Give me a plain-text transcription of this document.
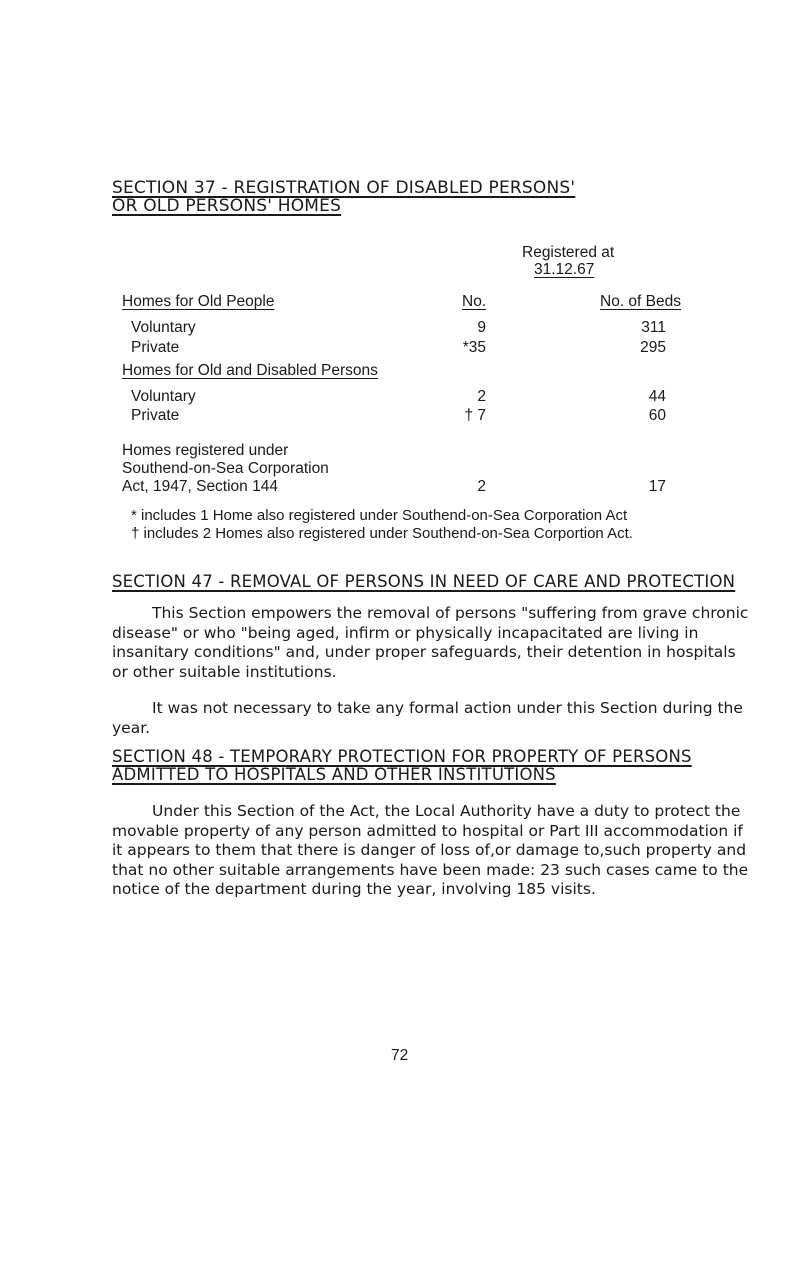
SECTION 37 - REGISTRATION OF DISABLED PERSONS'
OR OLD PERSONS' HOMES
Registered at
31.12.67
Homes for Old People	No.	No. of Beds
Voluntary	9	311
Private	*35	295
Homes for Old and Disabled Persons
Voluntary	2	44
Private	† 7	60
Homes registered under
Southend-on-Sea Corporation
Act, 1947, Section 144	2	17
* includes 1 Home also registered under Southend-on-Sea Corporation Act
† includes 2 Homes also registered under Southend-on-Sea Corportion Act.
SECTION 47 - REMOVAL OF PERSONS IN NEED OF CARE AND PROTECTION
This Section empowers the removal of persons "suffering from grave chronic disease" or who "being aged, infirm or physically incapacitated are living in insanitary conditions" and, under proper safeguards, their detention in hospitals or other suitable institutions.
It was not necessary to take any formal action under this Section during the year.
SECTION 48 - TEMPORARY PROTECTION FOR PROPERTY OF PERSONS
ADMITTED TO HOSPITALS AND OTHER INSTITUTIONS
Under this Section of the Act, the Local Authority have a duty to protect the movable property of any person admitted to hospital or Part III accommodation if it appears to them that there is danger of loss of,or damage to,such property and that no other suitable arrangements have been made: 23 such cases came to the notice of the department during the year, involving 185 visits.
72
